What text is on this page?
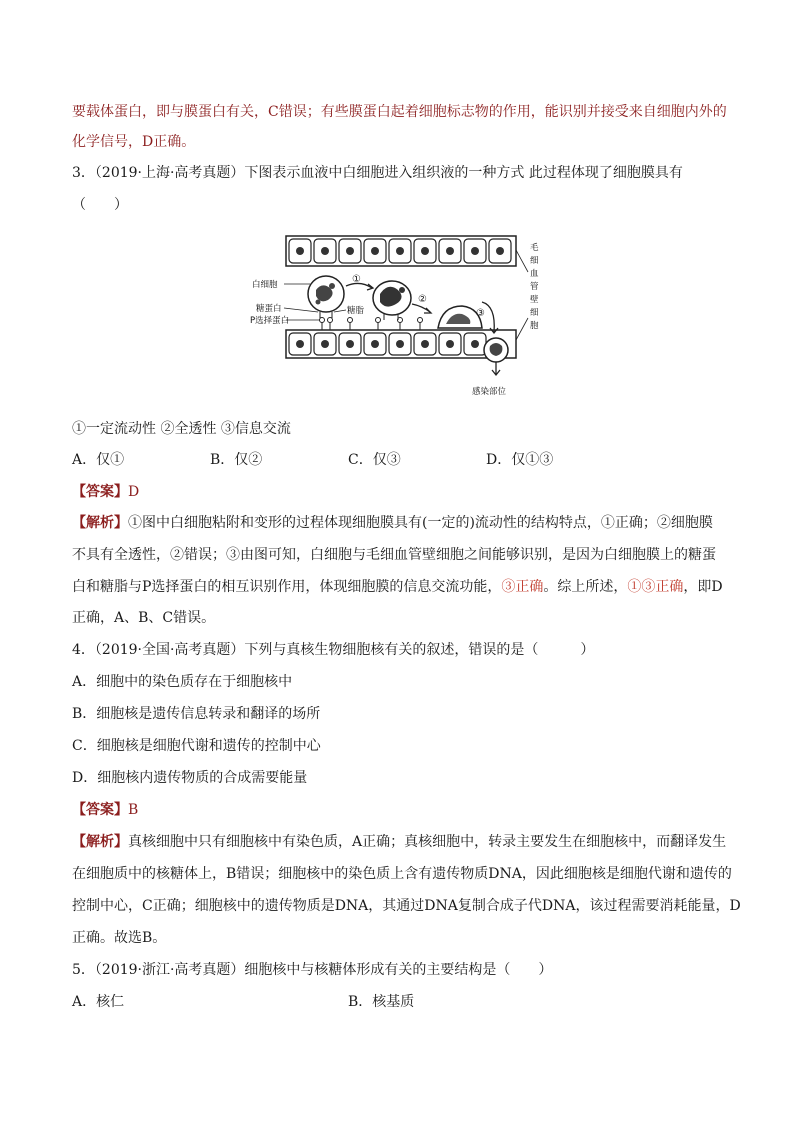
要载体蛋白，即与膜蛋白有关，C错误；有些膜蛋白起着细胞标志物的作用，能识别并接受来自细胞内外的
化学信号，D正确。
3．（2019·上海·高考真题）下图表示血液中白细胞进入组织液的一种方式 此过程体现了细胞膜具有
（　　）
白细胞
糖蛋白
P选择蛋白
糖脂
①
②
③
毛
细
血
管
壁
细
胞
感染部位
①一定流动性 ②全透性 ③信息交流
A．仅①	B．仅②	C．仅③	D．仅①③
【答案】D
【解析】①图中白细胞粘附和变形的过程体现细胞膜具有(一定的)流动性的结构特点，①正确；②细胞膜
不具有全透性，②错误；③由图可知，白细胞与毛细血管壁细胞之间能够识别，是因为白细胞膜上的糖蛋
白和糖脂与P选择蛋白的相互识别作用，体现细胞膜的信息交流功能，③正确。综上所述，①③正确，即D
正确，A、B、C错误。
4．（2019·全国·高考真题）下列与真核生物细胞核有关的叙述，错误的是（　　　）
A．细胞中的染色质存在于细胞核中
B．细胞核是遗传信息转录和翻译的场所
C．细胞核是细胞代谢和遗传的控制中心
D．细胞核内遗传物质的合成需要能量
【答案】B
【解析】真核细胞中只有细胞核中有染色质，A正确；真核细胞中，转录主要发生在细胞核中，而翻译发生
在细胞质中的核糖体上，B错误；细胞核中的染色质上含有遗传物质DNA，因此细胞核是细胞代谢和遗传的
控制中心，C正确；细胞核中的遗传物质是DNA，其通过DNA复制合成子代DNA，该过程需要消耗能量，D
正确。故选B。
5．（2019·浙江·高考真题）细胞核中与核糖体形成有关的主要结构是（　　）
A．核仁	B．核基质
